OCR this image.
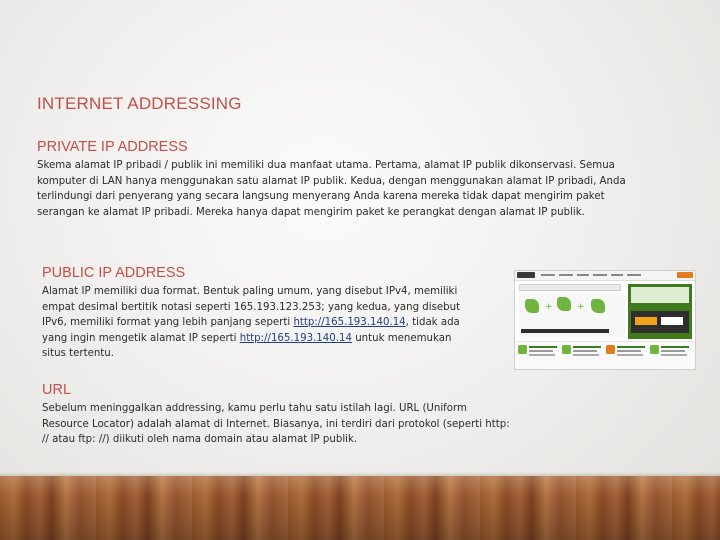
INTERNET ADDRESSING
PRIVATE IP ADDRESS

Skema alamat IP pribadi / publik ini memiliki dua manfaat utama. Pertama, alamat IP publik dikonservasi. Semua komputer di LAN hanya menggunakan satu alamat IP publik. Kedua, dengan menggunakan alamat IP pribadi, Anda terlindungi dari penyerang yang secara langsung menyerang Anda karena mereka tidak dapat mengirim paket serangan ke alamat IP pribadi. Mereka hanya dapat mengirim paket ke perangkat dengan alamat IP publik.

PUBLIC IP ADDRESS

Alamat IP memiliki dua format. Bentuk paling umum, yang disebut IPv4, memiliki empat desimal bertitik notasi seperti 165.193.123.253; yang kedua, yang disebut IPv6, memiliki format yang lebih panjang seperti http://165.193.140.14, tidak ada yang ingin mengetik alamat IP seperti http://165.193.140.14 untuk menemukan situs tertentu.

+	+
URL

Sebelum meninggalkan addressing, kamu perlu tahu satu istilah lagi. URL (Uniform Resource Locator) adalah alamat di Internet. Biasanya, ini terdiri dari protokol (seperti http: // atau ftp: //) diikuti oleh nama domain atau alamat IP publik.
